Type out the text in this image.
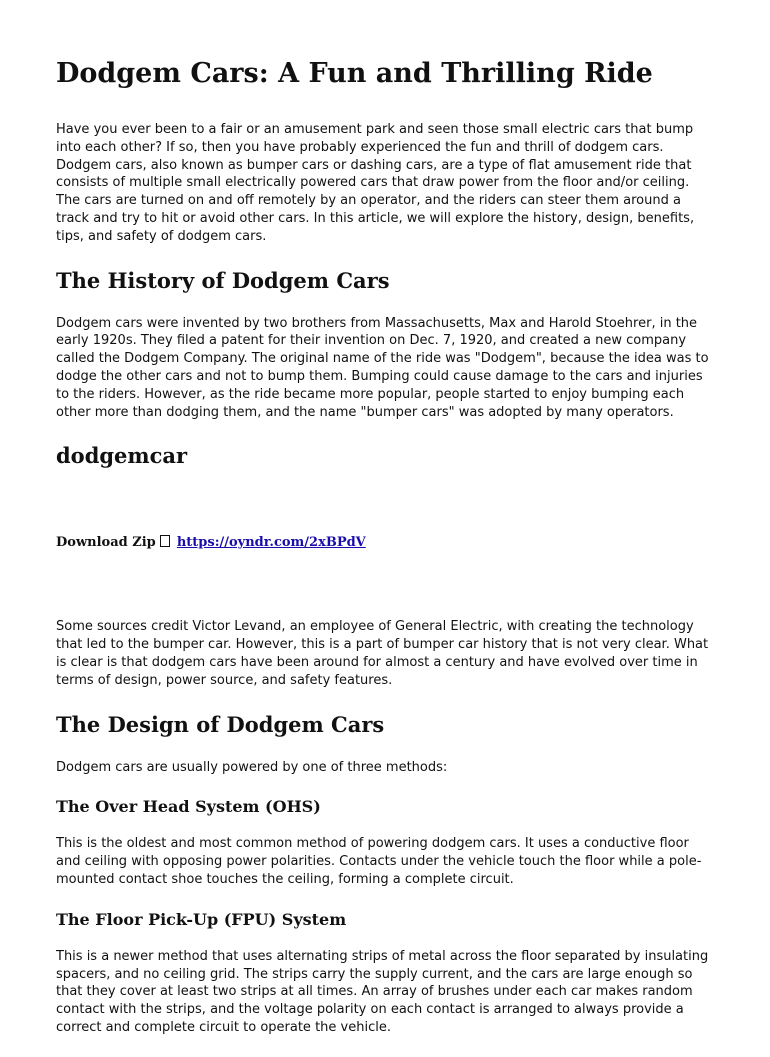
Dodgem Cars: A Fun and Thrilling Ride

Have you ever been to a fair or an amusement park and seen those small electric cars that bump into each other? If so, then you have probably experienced the fun and thrill of dodgem cars. Dodgem cars, also known as bumper cars or dashing cars, are a type of flat amusement ride that consists of multiple small electrically powered cars that draw power from the floor and/or ceiling. The cars are turned on and off remotely by an operator, and the riders can steer them around a track and try to hit or avoid other cars. In this article, we will explore the history, design, benefits, tips, and safety of dodgem cars.

The History of Dodgem Cars

Dodgem cars were invented by two brothers from Massachusetts, Max and Harold Stoehrer, in the early 1920s. They filed a patent for their invention on Dec. 7, 1920, and created a new company called the Dodgem Company. The original name of the ride was "Dodgem", because the idea was to dodge the other cars and not to bump them. Bumping could cause damage to the cars and injuries to the riders. However, as the ride became more popular, people started to enjoy bumping each other more than dodging them, and the name "bumper cars" was adopted by many operators.

dodgemcar

Download Zip https://oyndr.com/2xBPdV

Some sources credit Victor Levand, an employee of General Electric, with creating the technology that led to the bumper car. However, this is a part of bumper car history that is not very clear. What is clear is that dodgem cars have been around for almost a century and have evolved over time in terms of design, power source, and safety features.

The Design of Dodgem Cars

Dodgem cars are usually powered by one of three methods:

The Over Head System (OHS)

This is the oldest and most common method of powering dodgem cars. It uses a conductive floor and ceiling with opposing power polarities. Contacts under the vehicle touch the floor while a pole-mounted contact shoe touches the ceiling, forming a complete circuit.

The Floor Pick-Up (FPU) System

This is a newer method that uses alternating strips of metal across the floor separated by insulating spacers, and no ceiling grid. The strips carry the supply current, and the cars are large enough so that they cover at least two strips at all times. An array of brushes under each car makes random contact with the strips, and the voltage polarity on each contact is arranged to always provide a correct and complete circuit to operate the vehicle.
